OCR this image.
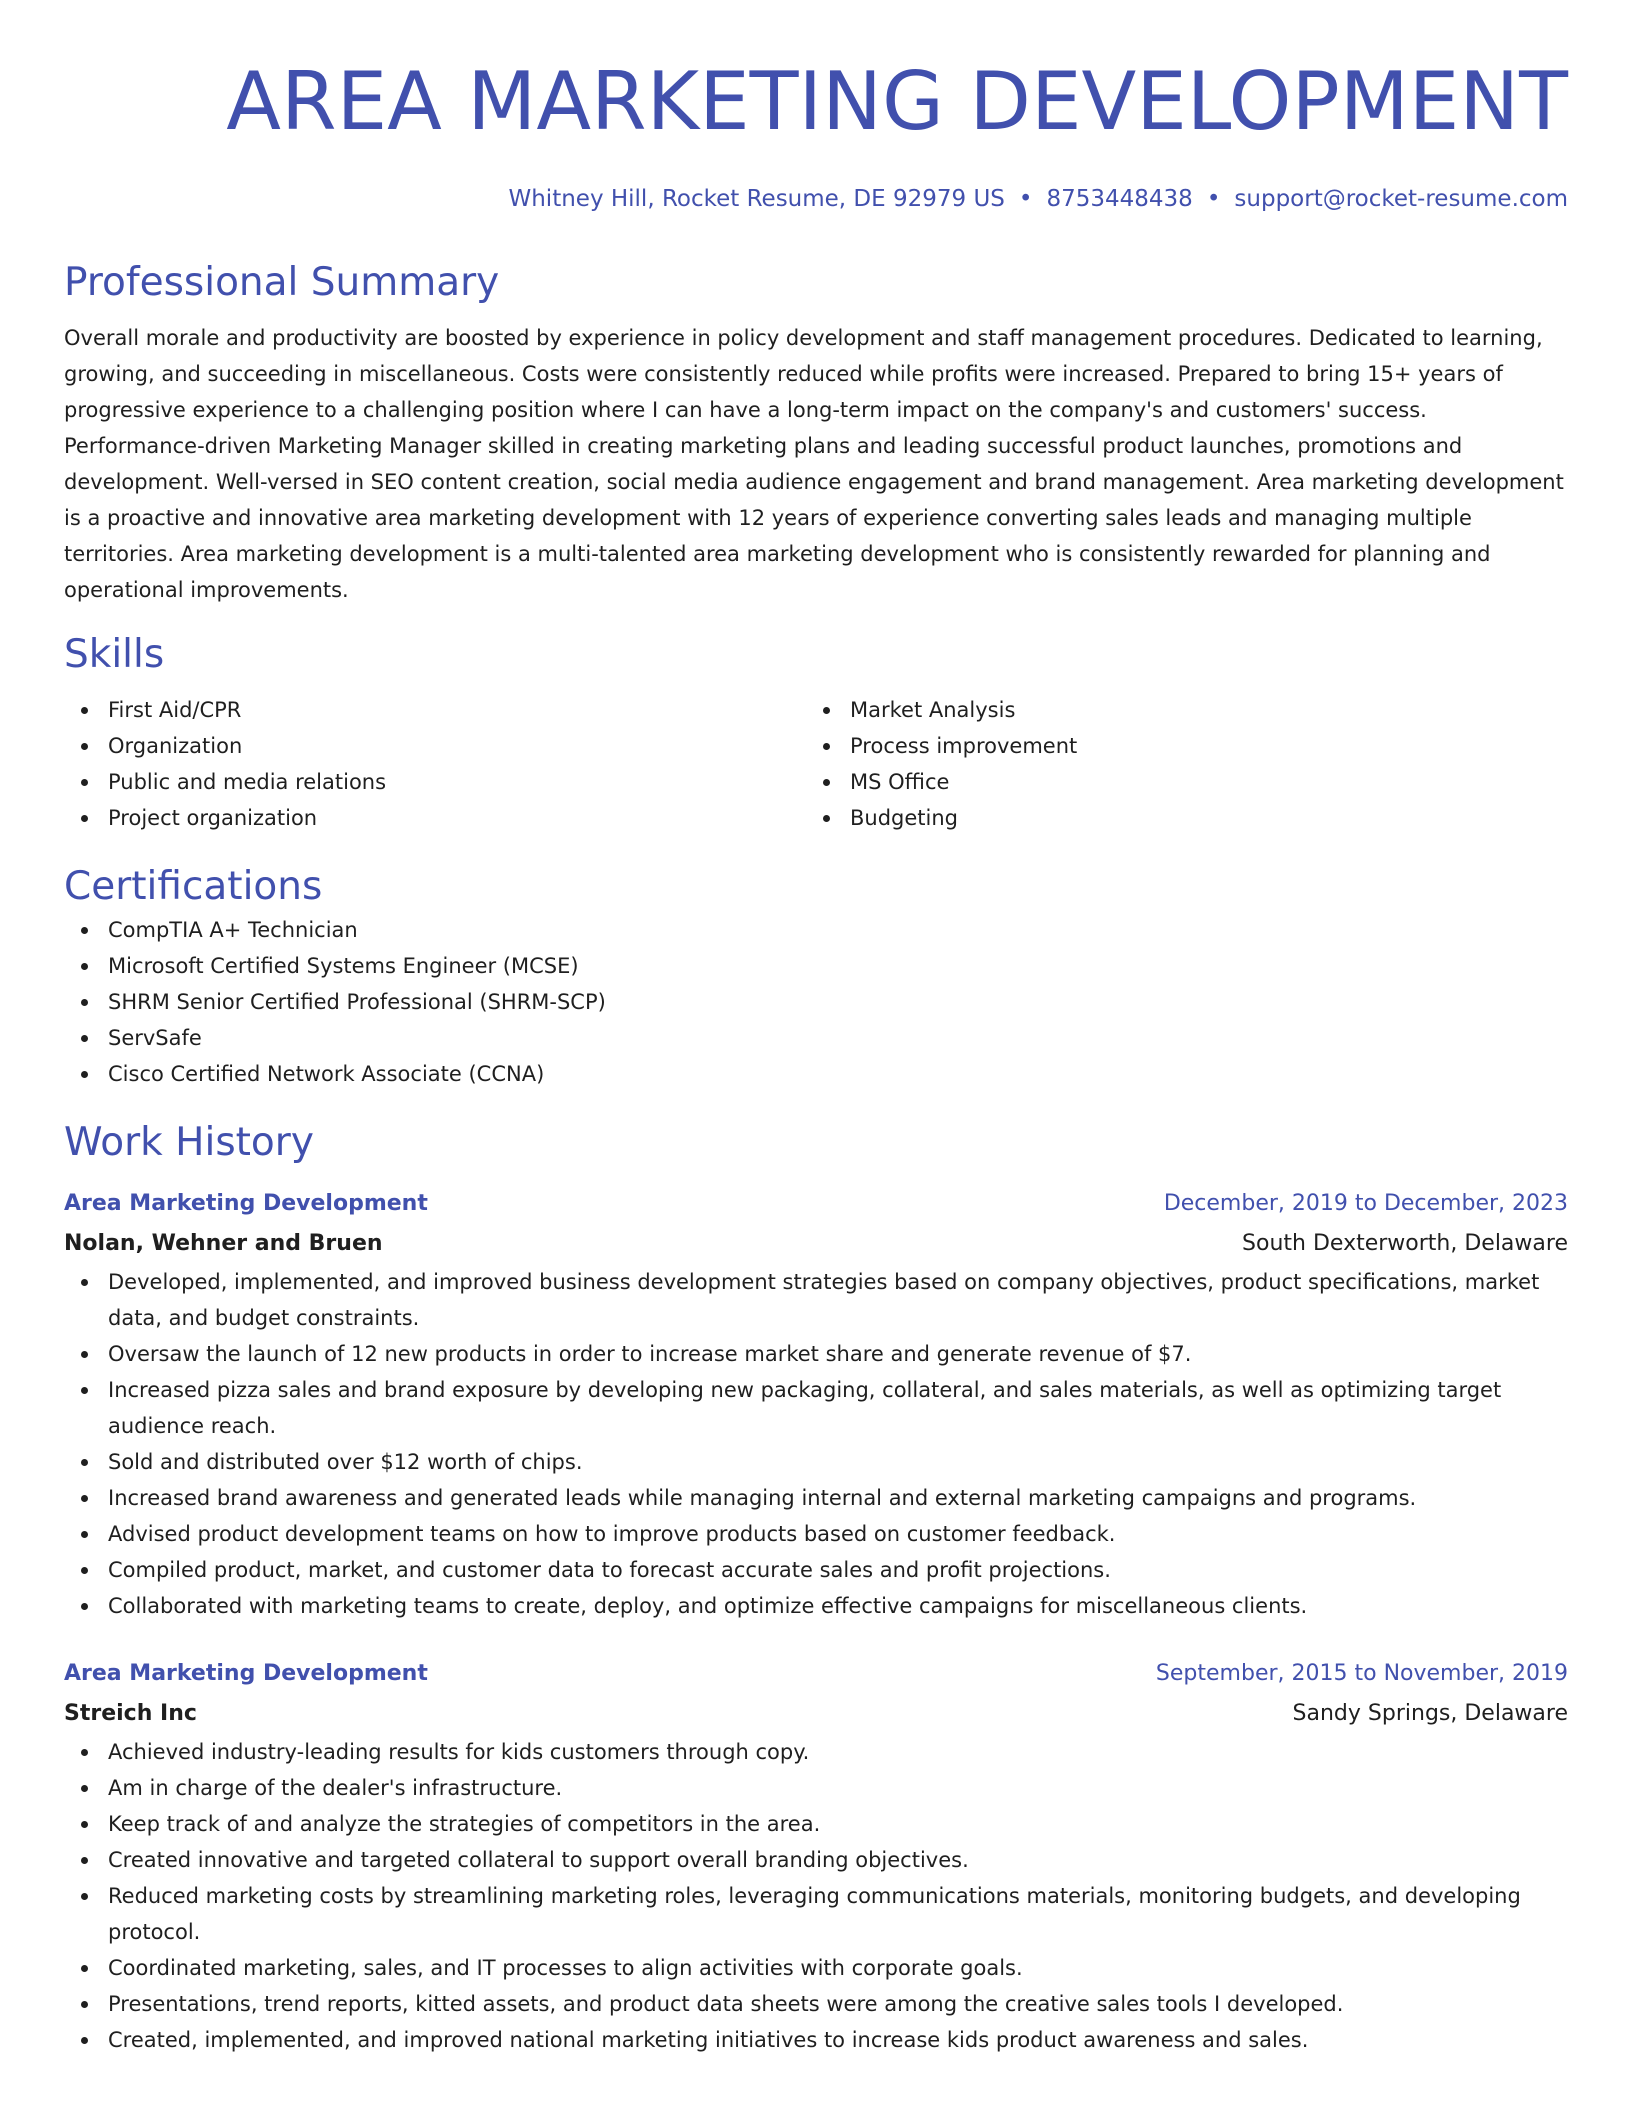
AREA MARKETING DEVELOPMENT
Whitney Hill, Rocket Resume, DE 92979 US • 8753448438 • support@rocket-resume.com
Professional Summary
Overall morale and productivity are boosted by experience in policy development and staff management procedures. Dedicated to learning, growing, and succeeding in miscellaneous. Costs were consistently reduced while profits were increased. Prepared to bring 15+ years of progressive experience to a challenging position where I can have a long-term impact on the company's and customers' success. Performance-driven Marketing Manager skilled in creating marketing plans and leading successful product launches, promotions and development. Well-versed in SEO content creation, social media audience engagement and brand management. Area marketing development is a proactive and innovative area marketing development with 12 years of experience converting sales leads and managing multiple territories. Area marketing development is a multi-talented area marketing development who is consistently rewarded for planning and operational improvements.
Skills
First Aid/CPR
Organization
Public and media relations
Project organization
Market Analysis
Process improvement
MS Office
Budgeting
Certifications
CompTIA A+ Technician
Microsoft Certified Systems Engineer (MCSE)
SHRM Senior Certified Professional (SHRM-SCP)
ServSafe
Cisco Certified Network Associate (CCNA)
Work History
Area Marketing Development	December, 2019 to December, 2023
Nolan, Wehner and Bruen	South Dexterworth, Delaware
Developed, implemented, and improved business development strategies based on company objectives, product specifications, market data, and budget constraints.
Oversaw the launch of 12 new products in order to increase market share and generate revenue of $7.
Increased pizza sales and brand exposure by developing new packaging, collateral, and sales materials, as well as optimizing target audience reach.
Sold and distributed over $12 worth of chips.
Increased brand awareness and generated leads while managing internal and external marketing campaigns and programs.
Advised product development teams on how to improve products based on customer feedback.
Compiled product, market, and customer data to forecast accurate sales and profit projections.
Collaborated with marketing teams to create, deploy, and optimize effective campaigns for miscellaneous clients.
Area Marketing Development	September, 2015 to November, 2019
Streich Inc	Sandy Springs, Delaware
Achieved industry-leading results for kids customers through copy.
Am in charge of the dealer's infrastructure.
Keep track of and analyze the strategies of competitors in the area.
Created innovative and targeted collateral to support overall branding objectives.
Reduced marketing costs by streamlining marketing roles, leveraging communications materials, monitoring budgets, and developing protocol.
Coordinated marketing, sales, and IT processes to align activities with corporate goals.
Presentations, trend reports, kitted assets, and product data sheets were among the creative sales tools I developed.
Created, implemented, and improved national marketing initiatives to increase kids product awareness and sales.
